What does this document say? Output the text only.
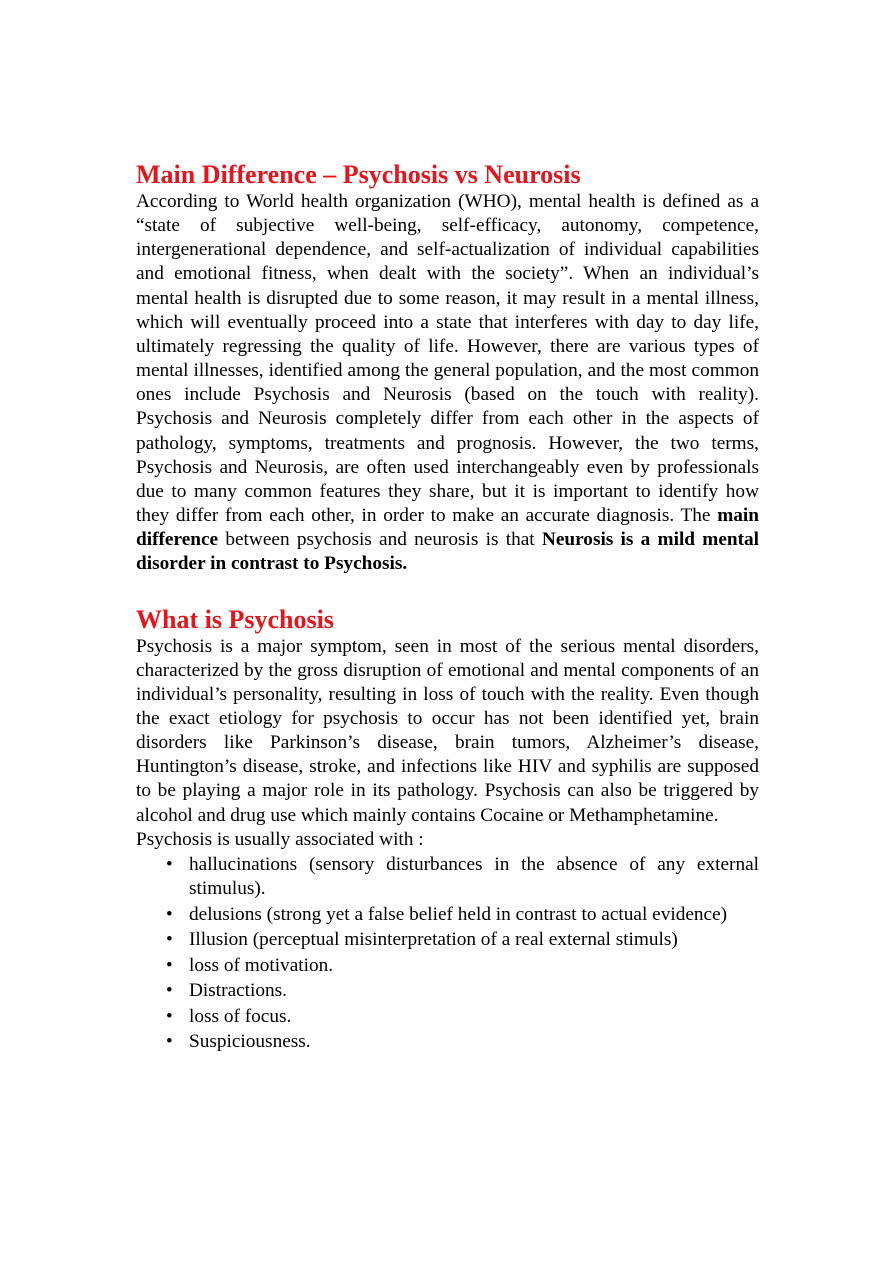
Main Difference – Psychosis vs Neurosis

According to World health organization (WHO), mental health is defined as a “state of subjective well-being, self-efficacy, autonomy, competence, intergenerational dependence, and self-actualization of individual capabilities and emotional fitness, when dealt with the society”. When an individual’s mental health is disrupted due to some reason, it may result in a mental illness, which will eventually proceed into a state that interferes with day to day life, ultimately regressing the quality of life. However, there are various types of mental illnesses, identified among the general population, and the most common ones include Psychosis and Neurosis (based on the touch with reality). Psychosis and Neurosis completely differ from each other in the aspects of pathology, symptoms, treatments and prognosis. However, the two terms, Psychosis and Neurosis, are often used interchangeably even by professionals due to many common features they share, but it is important to identify how they differ from each other, in order to make an accurate diagnosis. The main difference between psychosis and neurosis is that Neurosis is a mild mental disorder in contrast to Psychosis.

What is Psychosis

Psychosis is a major symptom, seen in most of the serious mental disorders, characterized by the gross disruption of emotional and mental components of an individual’s personality, resulting in loss of touch with the reality. Even though the exact etiology for psychosis to occur has not been identified yet, brain disorders like Parkinson’s disease, brain tumors, Alzheimer’s disease, Huntington’s disease, stroke, and infections like HIV and syphilis are supposed to be playing a major role in its pathology. Psychosis can also be triggered by alcohol and drug use which mainly contains Cocaine or Methamphetamine.

Psychosis is usually associated with :

• hallucinations (sensory disturbances in the absence of any external stimulus).
• delusions (strong yet a false belief held in contrast to actual evidence)
• Illusion (perceptual misinterpretation of a real external stimuls)
• loss of motivation.
• Distractions.
• loss of focus.
• Suspiciousness.
